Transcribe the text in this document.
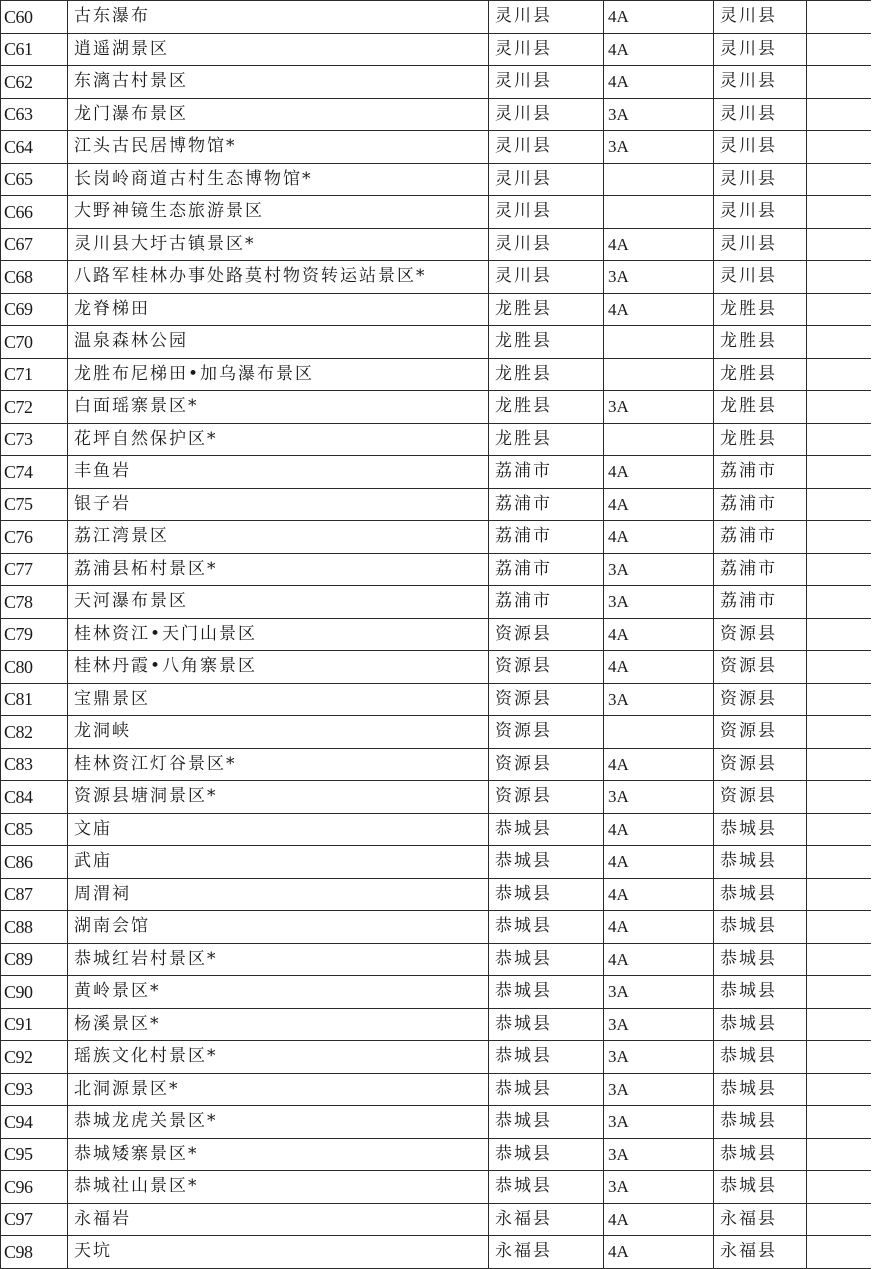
C60	古东瀑布	灵川县	4A	灵川县	
C61	逍遥湖景区	灵川县	4A	灵川县	
C62	东漓古村景区	灵川县	4A	灵川县	
C63	龙门瀑布景区	灵川县	3A	灵川县	
C64	江头古民居博物馆*	灵川县	3A	灵川县	
C65	长岗岭商道古村生态博物馆*	灵川县		灵川县	
C66	大野神镜生态旅游景区	灵川县		灵川县	
C67	灵川县大圩古镇景区*	灵川县	4A	灵川县	
C68	八路军桂林办事处路莫村物资转运站景区*	灵川县	3A	灵川县	
C69	龙脊梯田	龙胜县	4A	龙胜县	
C70	温泉森林公园	龙胜县		龙胜县	
C71	龙胜布尼梯田•加乌瀑布景区	龙胜县		龙胜县	
C72	白面瑶寨景区*	龙胜县	3A	龙胜县	
C73	花坪自然保护区*	龙胜县		龙胜县	
C74	丰鱼岩	荔浦市	4A	荔浦市	
C75	银子岩	荔浦市	4A	荔浦市	
C76	荔江湾景区	荔浦市	4A	荔浦市	
C77	荔浦县柘村景区*	荔浦市	3A	荔浦市	
C78	天河瀑布景区	荔浦市	3A	荔浦市	
C79	桂林资江•天门山景区	资源县	4A	资源县	
C80	桂林丹霞•八角寨景区	资源县	4A	资源县	
C81	宝鼎景区	资源县	3A	资源县	
C82	龙洞峡	资源县		资源县	
C83	桂林资江灯谷景区*	资源县	4A	资源县	
C84	资源县塘洞景区*	资源县	3A	资源县	
C85	文庙	恭城县	4A	恭城县	
C86	武庙	恭城县	4A	恭城县	
C87	周渭祠	恭城县	4A	恭城县	
C88	湖南会馆	恭城县	4A	恭城县	
C89	恭城红岩村景区*	恭城县	4A	恭城县	
C90	黄岭景区*	恭城县	3A	恭城县	
C91	杨溪景区*	恭城县	3A	恭城县	
C92	瑶族文化村景区*	恭城县	3A	恭城县	
C93	北洞源景区*	恭城县	3A	恭城县	
C94	恭城龙虎关景区*	恭城县	3A	恭城县	
C95	恭城矮寨景区*	恭城县	3A	恭城县	
C96	恭城社山景区*	恭城县	3A	恭城县	
C97	永福岩	永福县	4A	永福县	
C98	天坑	永福县	4A	永福县	
